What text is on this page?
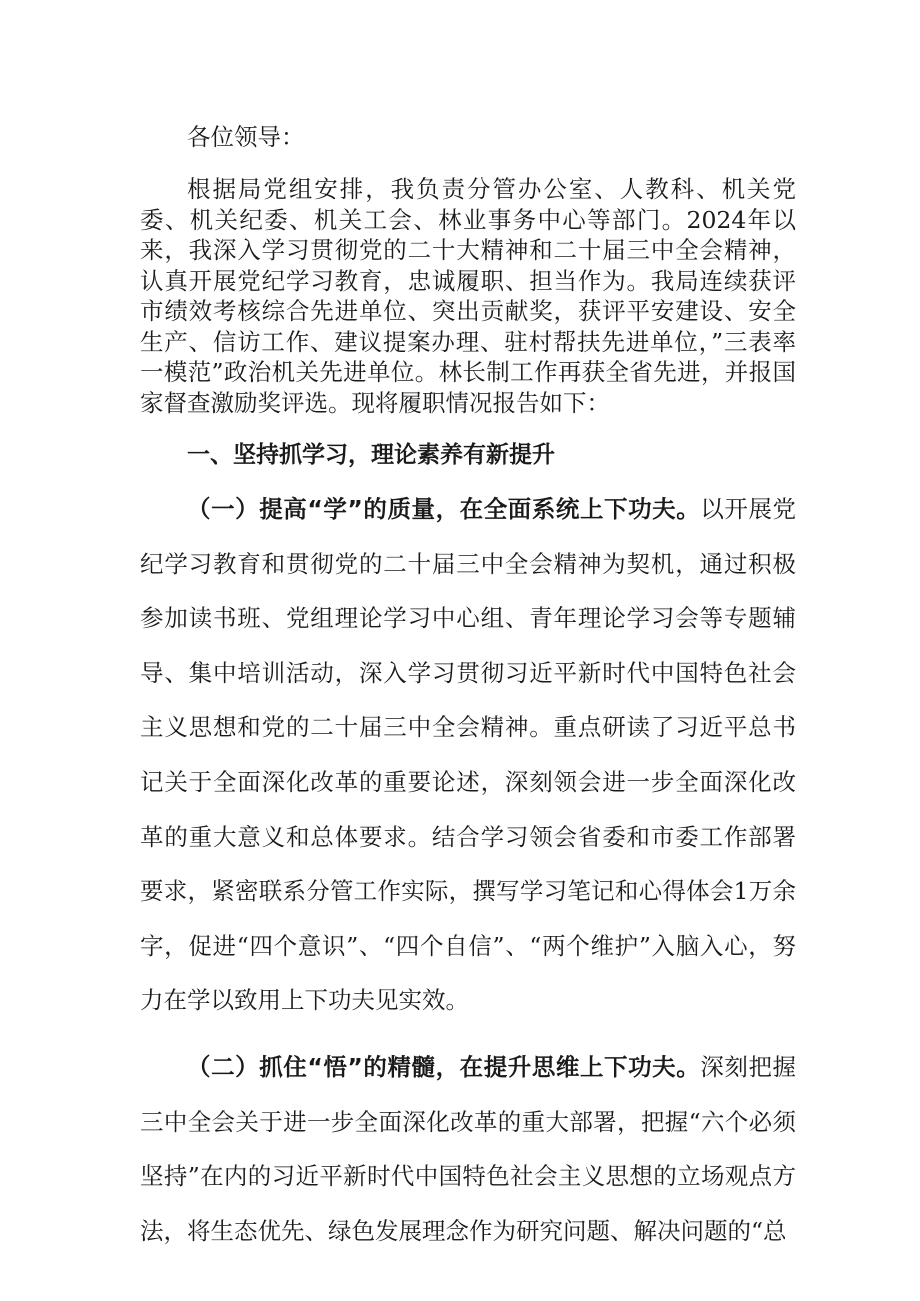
各位领导：

根据局党组安排，我负责分管办公室、人教科、机关党委、机关纪委、机关工会、林业事务中心等部门。2024年以来，我深入学习贯彻党的二十大精神和二十届三中全会精神，认真开展党纪学习教育，忠诚履职、担当作为。我局连续获评市绩效考核综合先进单位、突出贡献奖，获评平安建设、安全生产、信访工作、建议提案办理、驻村帮扶先进单位，”三表率一模范”政治机关先进单位。林长制工作再获全省先进，并报国家督查激励奖评选。现将履职情况报告如下：

一、坚持抓学习，理论素养有新提升

（一）提高“学”的质量，在全面系统上下功夫。以开展党纪学习教育和贯彻党的二十届三中全会精神为契机，通过积极参加读书班、党组理论学习中心组、青年理论学习会等专题辅导、集中培训活动，深入学习贯彻习近平新时代中国特色社会主义思想和党的二十届三中全会精神。重点研读了习近平总书记关于全面深化改革的重要论述，深刻领会进一步全面深化改革的重大意义和总体要求。结合学习领会省委和市委工作部署要求，紧密联系分管工作实际，撰写学习笔记和心得体会1万余字，促进“四个意识”、“四个自信”、“两个维护”入脑入心，努力在学以致用上下功夫见实效。

（二）抓住“悟”的精髓，在提升思维上下功夫。深刻把握三中全会关于进一步全面深化改革的重大部署，把握“六个必须坚持”在内的习近平新时代中国特色社会主义思想的立场观点方法，将生态优先、绿色发展理念作为研究问题、解决问题的“总
